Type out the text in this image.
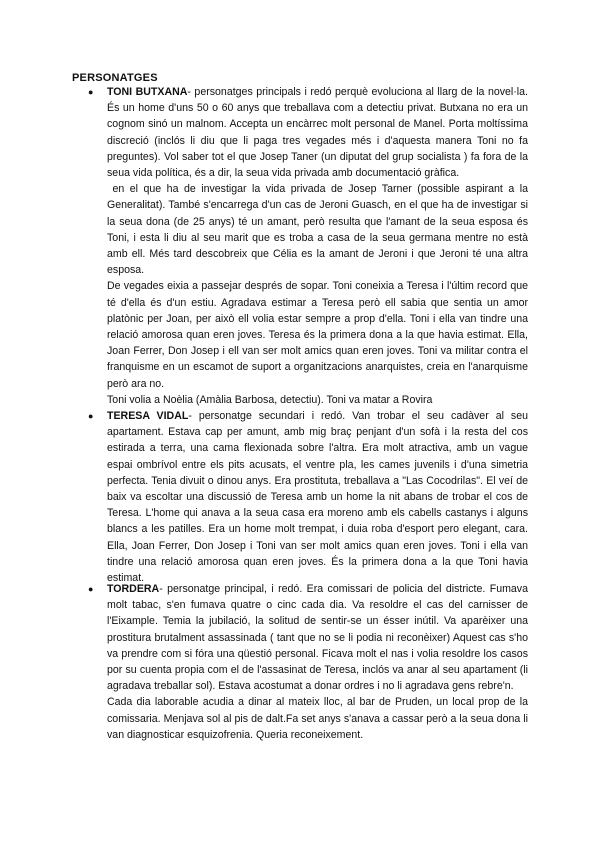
PERSONATGES
● TONI BUTXANA- personatges principals i redó perquè evoluciona al llarg de la novel·la. És un home d'uns 50 o 60 anys que treballava com a detectiu privat. Butxana no era un cognom sinó un malnom. Accepta un encàrrec molt personal de Manel. Porta moltíssima discreció (inclós li diu que li paga tres vegades més i d'aquesta manera Toni no fa preguntes). Vol saber tot el que Josep Taner (un diputat del grup socialista ) fa fora de la seua vida política, és a dir, la seua vida privada amb documentació gràfica.

en el que ha de investigar la vida privada de Josep Tarner (possible aspirant a la Generalitat). També s'encarrega d'un cas de Jeroni Guasch, en el que ha de investigar si la seua dona (de 25 anys) té un amant, però resulta que l'amant de la seua esposa és Toni, i esta li diu al seu marit que es troba a casa de la seua germana mentre no està amb ell. Més tard descobreix que Célia es la amant de Jeroni i que Jeroni té una altra esposa.

De vegades eixia a passejar després de sopar. Toni coneixia a Teresa i l'últim record que té d'ella és d'un estiu. Agradava estimar a Teresa però ell sabia que sentia un amor platònic per Joan, per això ell volia estar sempre a prop d'ella. Toni i ella van tindre una relació amorosa quan eren joves. Teresa és la primera dona a la que havia estimat. Ella, Joan Ferrer, Don Josep i ell van ser molt amics quan eren joves. Toni va militar contra el franquisme en un escamot de suport a organitzacions anarquistes, creia en l'anarquisme però ara no.

Toni volia a Noèlia (Amàlia Barbosa, detectiu). Toni va matar a Rovira

● TERESA VIDAL- personatge secundari i redó. Van trobar el seu cadàver al seu apartament. Estava cap per amunt, amb mig braç penjant d'un sofà i la resta del cos estirada a terra, una cama flexionada sobre l'altra. Era molt atractiva, amb un vague espai ombrívol entre els pits acusats, el ventre pla, les cames juvenils i d'una simetria perfecta. Tenia divuit o dinou anys. Era prostituta, treballava a "Las Cocodrilas". El veí de baix va escoltar una discussió de Teresa amb un home la nit abans de trobar el cos de Teresa. L'home qui anava a la seua casa era moreno amb els cabells castanys i alguns blancs a les patilles. Era un home molt trempat, i duia roba d'esport pero elegant, cara. Ella, Joan Ferrer, Don Josep i Toni van ser molt amics quan eren joves. Toni i ella van tindre una relació amorosa quan eren joves. És la primera dona a la que Toni havia estimat.

● TORDERA- personatge principal, i redó. Era comissari de policia del districte. Fumava molt tabac, s'en fumava quatre o cinc cada dia. Va resoldre el cas del carnisser de l'Eixample. Temia la jubilació, la solitud de sentir-se un ésser inútil. Va aparèixer una prostitura brutalment assassinada ( tant que no se li podia ni reconèixer) Aquest cas s'ho va prendre com si fóra una qüestió personal. Ficava molt el nas i volia resoldre los casos por su cuenta propia com el de l'assasinat de Teresa, inclós va anar al seu apartament (li agradava treballar sol). Estava acostumat a donar ordres i no li agradava gens rebre'n.

Cada dia laborable acudia a dinar al mateix lloc, al bar de Pruden, un local prop de la comissaria. Menjava sol al pis de dalt.Fa set anys s'anava a cassar però a la seua dona li van diagnosticar esquizofrenia. Queria reconeixement.
